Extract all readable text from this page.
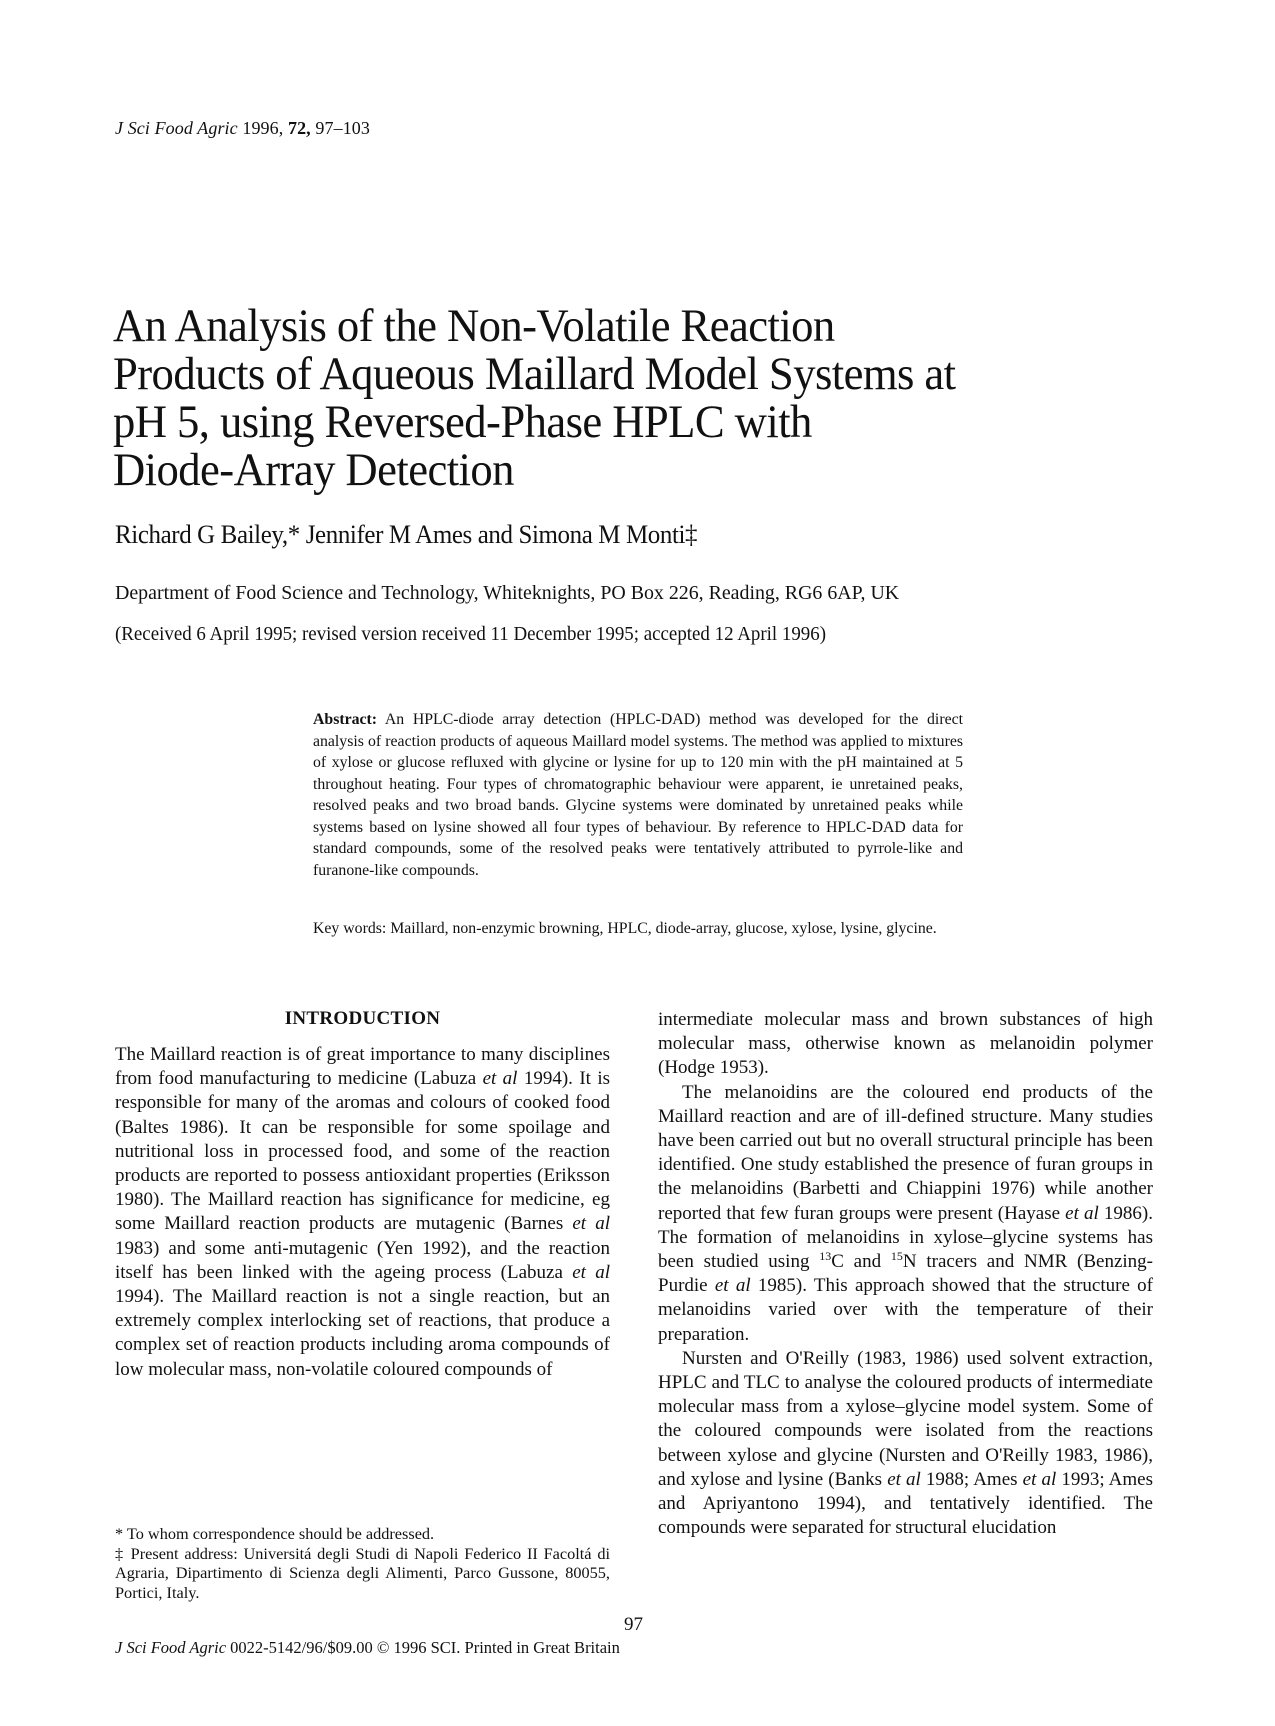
J Sci Food Agric 1996, 72, 97–103
An Analysis of the Non-Volatile Reaction
Products of Aqueous Maillard Model Systems at
pH 5, using Reversed-Phase HPLC with
Diode-Array Detection
Richard G Bailey,* Jennifer M Ames and Simona M Monti‡
Department of Food Science and Technology, Whiteknights, PO Box 226, Reading, RG6 6AP, UK
(Received 6 April 1995; revised version received 11 December 1995; accepted 12 April 1996)
Abstract: An HPLC-diode array detection (HPLC-DAD) method was developed for the direct analysis of reaction products of aqueous Maillard model systems. The method was applied to mixtures of xylose or glucose refluxed with glycine or lysine for up to 120 min with the pH maintained at 5 throughout heating. Four types of chromatographic behaviour were apparent, ie unretained peaks, resolved peaks and two broad bands. Glycine systems were dominated by unretained peaks while systems based on lysine showed all four types of behaviour. By reference to HPLC-DAD data for standard compounds, some of the resolved peaks were tentatively attributed to pyrrole-like and furanone-like compounds.
Key words: Maillard, non-enzymic browning, HPLC, diode-array, glucose, xylose, lysine, glycine.
INTRODUCTION

The Maillard reaction is of great importance to many disciplines from food manufacturing to medicine (Labuza et al 1994). It is responsible for many of the aromas and colours of cooked food (Baltes 1986). It can be responsible for some spoilage and nutritional loss in processed food, and some of the reaction products are reported to possess antioxidant properties (Eriksson 1980). The Maillard reaction has significance for medicine, eg some Maillard reaction products are mutagenic (Barnes et al 1983) and some anti-mutagenic (Yen 1992), and the reaction itself has been linked with the ageing process (Labuza et al 1994). The Maillard reaction is not a single reaction, but an extremely complex interlocking set of reactions, that produce a complex set of reaction products including aroma compounds of low molecular mass, non-volatile coloured compounds of

intermediate molecular mass and brown substances of high molecular mass, otherwise known as melanoidin polymer (Hodge 1953).

The melanoidins are the coloured end products of the Maillard reaction and are of ill-defined structure. Many studies have been carried out but no overall structural principle has been identified. One study established the presence of furan groups in the melanoidins (Barbetti and Chiappini 1976) while another reported that few furan groups were present (Hayase et al 1986). The formation of melanoidins in xylose–glycine systems has been studied using $^{13}$C and $^{15}$N tracers and NMR (Benzing-Purdie et al 1985). This approach showed that the structure of melanoidins varied over with the temperature of their preparation.

Nursten and O'Reilly (1983, 1986) used solvent extraction, HPLC and TLC to analyse the coloured products of intermediate molecular mass from a xylose–glycine model system. Some of the coloured compounds were isolated from the reactions between xylose and glycine (Nursten and O'Reilly 1983, 1986), and xylose and lysine (Banks et al 1988; Ames et al 1993; Ames and Apriyantono 1994), and tentatively identified. The compounds were separated for structural elucidation

* To whom correspondence should be addressed.

‡ Present address: Universitá degli Studi di Napoli Federico II Facoltá di Agraria, Dipartimento di Scienza degli Alimenti, Parco Gussone, 80055, Portici, Italy.

97
J Sci Food Agric 0022-5142/96/$09.00 © 1996 SCI. Printed in Great Britain
